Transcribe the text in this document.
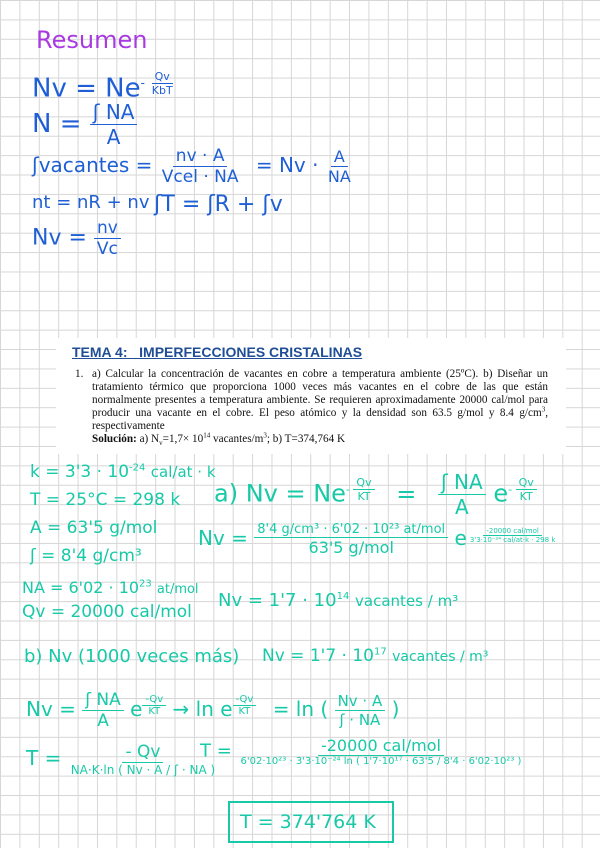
Resumen
$Nv = Ne^{- \frac{Qv}{\text{KbT}}}$
$N = \frac{\text{ʃ NA}}{A}$
ʃvacantes = $\frac{nv \cdot A}{\text{Vcel · NA}} = Nv \cdot \frac{A}{NA}$
nt = nR + nv ʃT = ʃR + ʃv
$Nv = \frac{nv}{Vc}$
TEMA 4:   IMPERFECCIONES CRISTALINAS
1. a) Calcular la concentración de vacantes en cobre a temperatura ambiente (25ºC). b) Diseñar un tratamiento térmico que proporciona 1000 veces más vacantes en el cobre de las que están normalmente presentes a temperatura ambiente. Se requieren aproximadamente 20000 cal/mol para producir una vacante en el cobre. El peso atómico y la densidad son 63.5 g/mol y 8.4 $g/cm^3$, respectivamente
Solución: a) $N_v=1,7\times 10^{14}$ vacantes/$m^3$; b) T=374,764 K
$k = 3'3 \cdot 10^{-24}$ cal/at · k
T = 25°C = 298 k
A = 63'5 g/mol
ʃ = 8'4 g/cm³
NA = $6'02 \cdot 10^{23}$ at/mol
Qv = 20000 cal/mol
a) $Nv = Ne^{- \frac{Qv}{KT}} = \frac{\text{ʃ NA}}{A} e^{- \frac{Qv}{KT}}$
$Nv = \frac{\text{8'4 g/cm³ · 6'02 · 10²³ at/mol}}{\text{63'5 g/mol}}$ e $^{\frac{\text{-20000 cal/mol}}{\text{3'3·10⁻²⁴ cal/at·k · 298 k}}}$
$Nv = 1'7 \cdot 10^{14}$ vacantes / m³
b) Nv (1000 veces más) $Nv = 1'7 \cdot 10^{17}$ vacantes / m³
$Nv = \frac{\text{ʃ NA}}{A}$ e $^{\frac{-Qv}{KT}}$ → ln e $^{\frac{-Qv}{KT}}$ = ln ( $\frac{Nv \cdot A}{\text{ʃ · NA}}$ )
$T = \frac{- Qv}{\text{NA·K·ln ( Nv · A / ʃ · NA )}}$
T =	-20000 cal/mol
6'02·10²³ · 3'3·10⁻²⁴ ln ( 1'7·10¹⁷ · 63'5 / 8'4 · 6'02·10²³ )
T = 374'764 K
